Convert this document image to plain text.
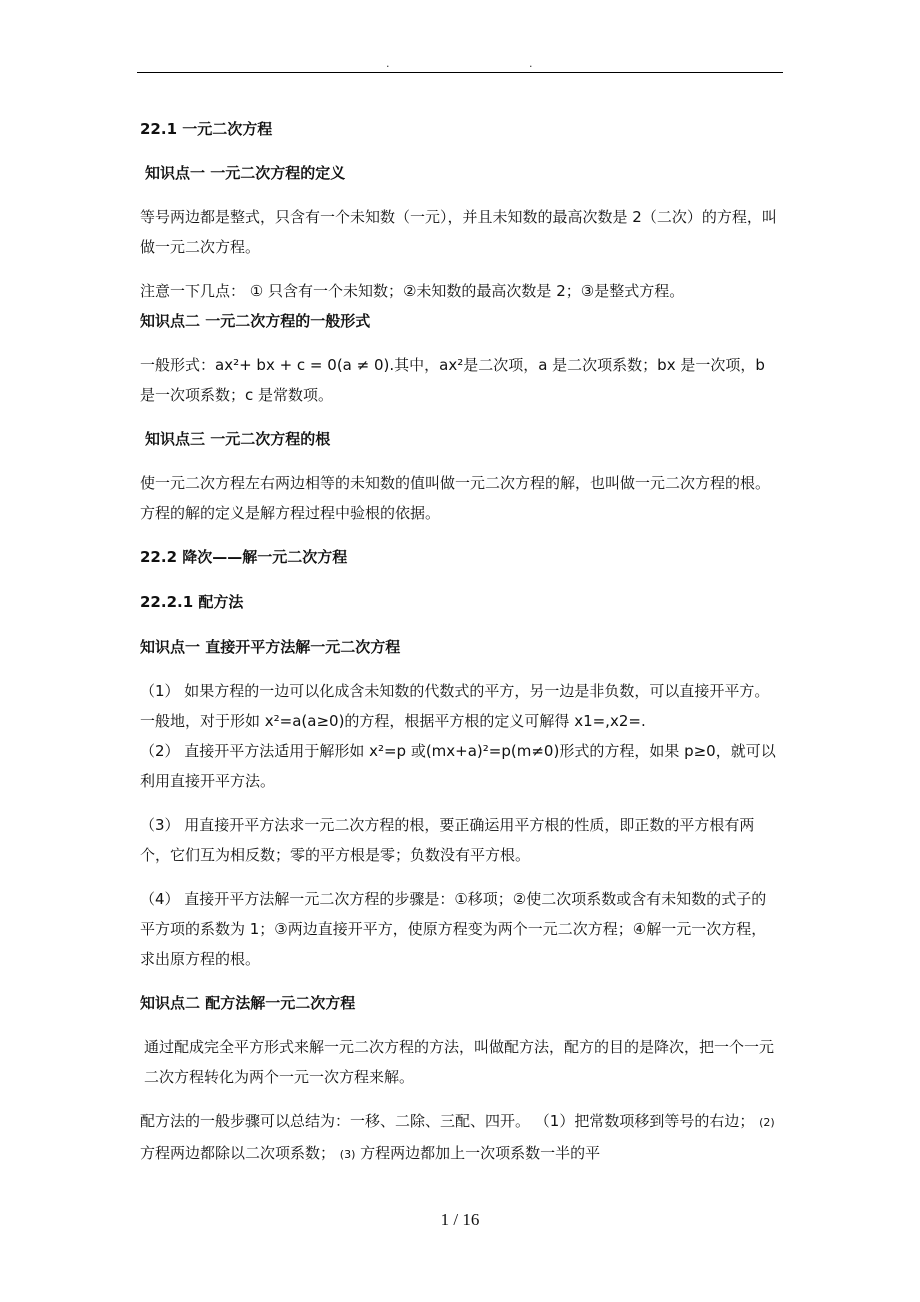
.	.

22.1 一元二次方程

知识点一 一元二次方程的定义

等号两边都是整式，只含有一个未知数（一元），并且未知数的最高次数是 2（二次）的方程，叫做一元二次方程。

注意一下几点： ① 只含有一个未知数；②未知数的最高次数是 2；③是整式方程。

知识点二 一元二次方程的一般形式

一般形式：ax²+ bx + c = 0(a ≠ 0).其中，ax²是二次项，a 是二次项系数；bx 是一次项，b 是一次项系数；c 是常数项。

知识点三 一元二次方程的根

使一元二次方程左右两边相等的未知数的值叫做一元二次方程的解，也叫做一元二次方程的根。方程的解的定义是解方程过程中验根的依据。

22.2 降次——解一元二次方程

22.2.1 配方法

知识点一 直接开平方法解一元二次方程

（1） 如果方程的一边可以化成含未知数的代数式的平方，另一边是非负数，可以直接开平方。一般地，对于形如 x²=a(a≥0)的方程，根据平方根的定义可解得 x1=,x2=.

（2） 直接开平方法适用于解形如 x²=p 或(mx+a)²=p(m≠0)形式的方程，如果 p≥0，就可以利用直接开平方法。

（3） 用直接开平方法求一元二次方程的根，要正确运用平方根的性质，即正数的平方根有两个，它们互为相反数；零的平方根是零；负数没有平方根。

（4） 直接开平方法解一元二次方程的步骤是：①移项；②使二次项系数或含有未知数的式子的平方项的系数为 1；③两边直接开平方，使原方程变为两个一元二次方程；④解一元一次方程，求出原方程的根。

知识点二 配方法解一元二次方程

通过配成完全平方形式来解一元二次方程的方法，叫做配方法，配方的目的是降次，把一个一元二次方程转化为两个一元一次方程来解。

配方法的一般步骤可以总结为：一移、二除、三配、四开。 （1）把常数项移到等号的右边； (2)方程两边都除以二次项系数； (3) 方程两边都加上一次项系数一半的平

1 / 16
